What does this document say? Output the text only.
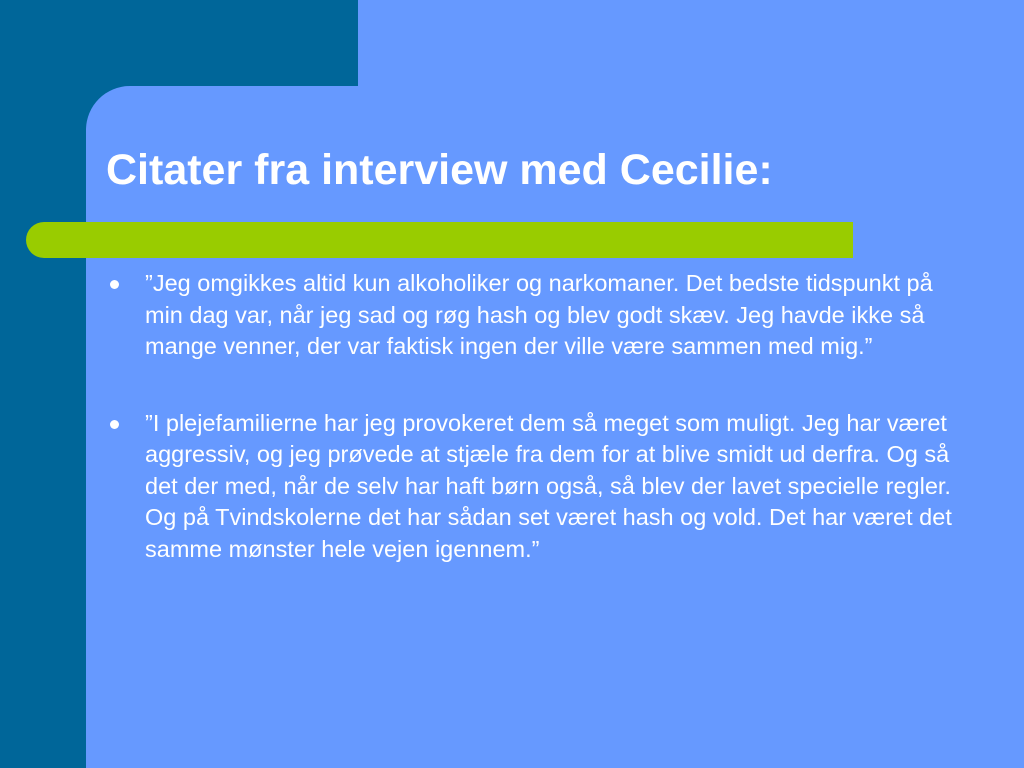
Citater fra interview med Cecilie:
”Jeg omgikkes altid kun alkoholiker og narkomaner. Det bedste tidspunkt på min dag var, når jeg sad og røg hash og blev godt skæv. Jeg havde ikke så mange venner, der var faktisk ingen der ville være sammen med mig.”
”I plejefamilierne har jeg provokeret dem så meget som muligt. Jeg har været aggressiv, og jeg prøvede at stjæle fra dem for at blive smidt ud derfra. Og så det der med, når de selv har haft børn også, så blev der lavet specielle regler. Og på Tvindskolerne det har sådan set været hash og vold. Det har været det samme mønster hele vejen igennem.”
